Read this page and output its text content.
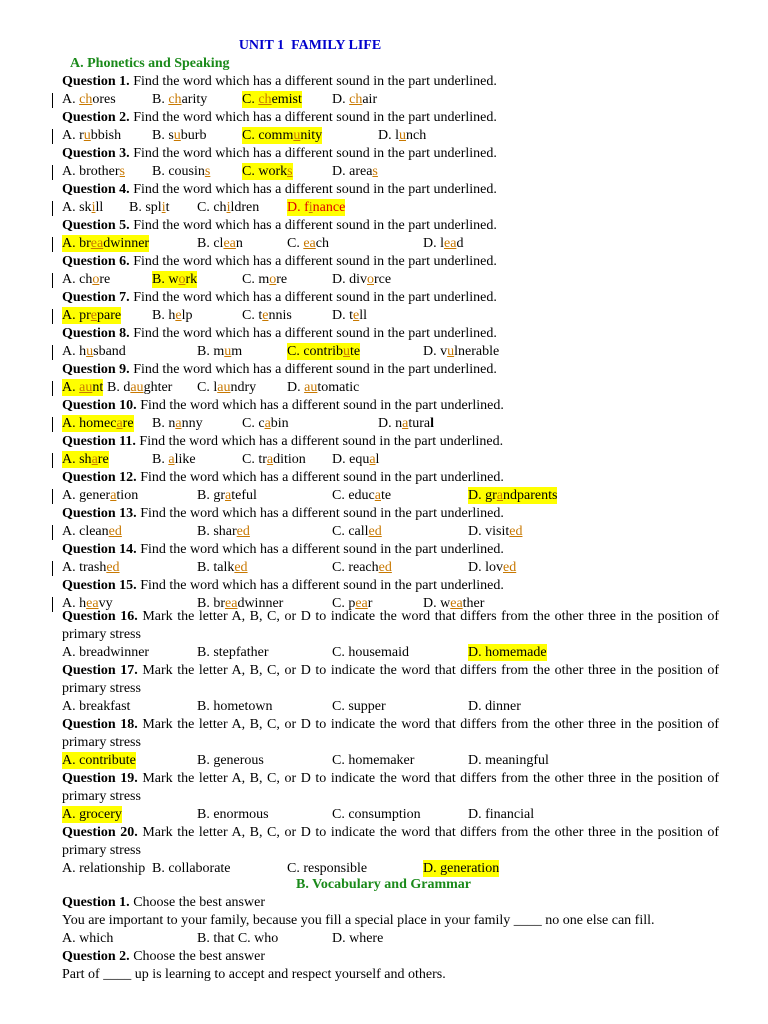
UNIT 1  FAMILY LIFE
A. Phonetics and Speaking
Question 1. Find the word which has a different sound in the part underlined.
A. chores	B. charity C. chemist D. chair
Question 2. Find the word which has a different sound in the part underlined.
A. rubbish B. suburb	C. community	D. lunch
Question 3. Find the word which has a different sound in the part underlined.
A. brothers B. cousins C. works	D. areas
Question 4. Find the word which has a different sound in the part underlined.
A. skill B. split C. children D. finance
Question 5. Find the word which has a different sound in the part underlined.
A. breadwinner	B. clean	C. each	D. lead
Question 6. Find the word which has a different sound in the part underlined.
A. chore	B. work	C. more	D. divorce
Question 7. Find the word which has a different sound in the part underlined.
A. prepare B. help	C. tennis	D. tell
Question 8. Find the word which has a different sound in the part underlined.
A. husband	B. mum	C. contribute	D. vulnerable
Question 9. Find the word which has a different sound in the part underlined.
A. aunt B. daughter C. laundry D. automatic
Question 10. Find the word which has a different sound in the part underlined.
A. homecare B. nanny	C. cabin	D. natural
Question 11. Find the word which has a different sound in the part underlined.
A. share	B. alike	C. tradition D. equal
Question 12. Find the word which has a different sound in the part underlined.
A. generation	B. grateful	C. educate	D. grandparents
Question 13. Find the word which has a different sound in the part underlined.
A. cleaned	B. shared	C. called	D. visited
Question 14. Find the word which has a different sound in the part underlined.
A. trashed	B. talked	C. reached	D. loved
Question 15. Find the word which has a different sound in the part underlined.
A. heavy	B. breadwinner	C. pear	D. weather
Question 16. Mark the letter A, B, C, or D to indicate the word that differs from the other three in the position of primary stress
A. breadwinner	B. stepfather	C. housemaid	D. homemade
Question 17. Mark the letter A, B, C, or D to indicate the word that differs from the other three in the position of primary stress
A. breakfast	B. hometown	C. supper	D. dinner
Question 18. Mark the letter A, B, C, or D to indicate the word that differs from the other three in the position of primary stress
A. contribute	B. generous	C. homemaker	D. meaningful
Question 19. Mark the letter A, B, C, or D to indicate the word that differs from the other three in the position of primary stress
A. grocery	B. enormous	C. consumption	D. financial
Question 20. Mark the letter A, B, C, or D to indicate the word that differs from the other three in the position of primary stress
A. relationship B. collaborate	C. responsible	D. generation
B. Vocabulary and Grammar
Question 1. Choose the best answer
You are important to your family, because you fill a special place in your family ____ no one else can fill.
A. which	B. that C. who	D. where
Question 2. Choose the best answer
Part of ____ up is learning to accept and respect yourself and others.
